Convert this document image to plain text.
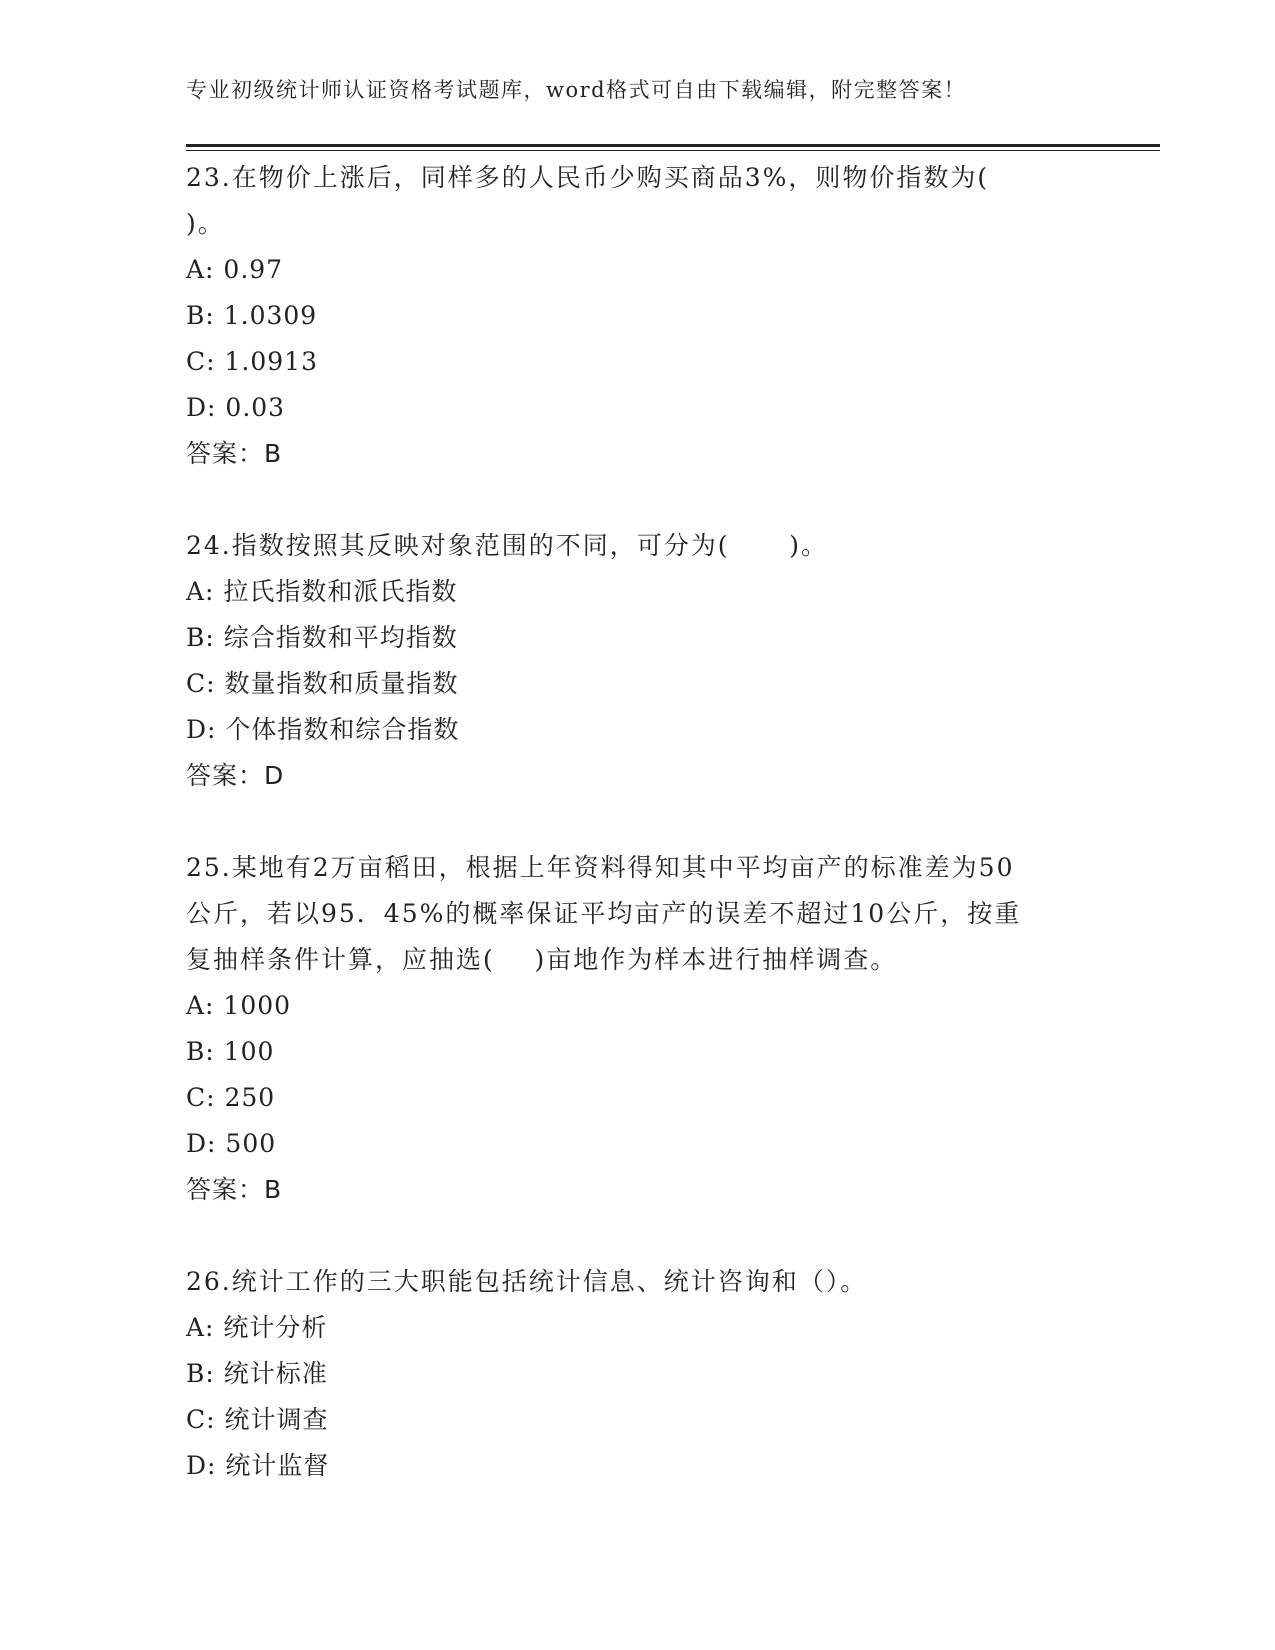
专业初级统计师认证资格考试题库，word格式可自由下载编辑，附完整答案！
23.在物价上涨后，同样多的人民币少购买商品3%，则物价指数为(
)。
A: 0.97
B: 1.0309
C: 1.0913
D: 0.03
答案：B
24.指数按照其反映对象范围的不同，可分为(      )。
A: 拉氏指数和派氏指数
B: 综合指数和平均指数
C: 数量指数和质量指数
D: 个体指数和综合指数
答案：D
25.某地有2万亩稻田，根据上年资料得知其中平均亩产的标准差为50
公斤，若以95．45%的概率保证平均亩产的误差不超过10公斤，按重
复抽样条件计算，应抽选(    )亩地作为样本进行抽样调查。
A: 1000
B: 100
C: 250
D: 500
答案：B
26.统计工作的三大职能包括统计信息、统计咨询和（）。
A: 统计分析
B: 统计标准
C: 统计调查
D: 统计监督
